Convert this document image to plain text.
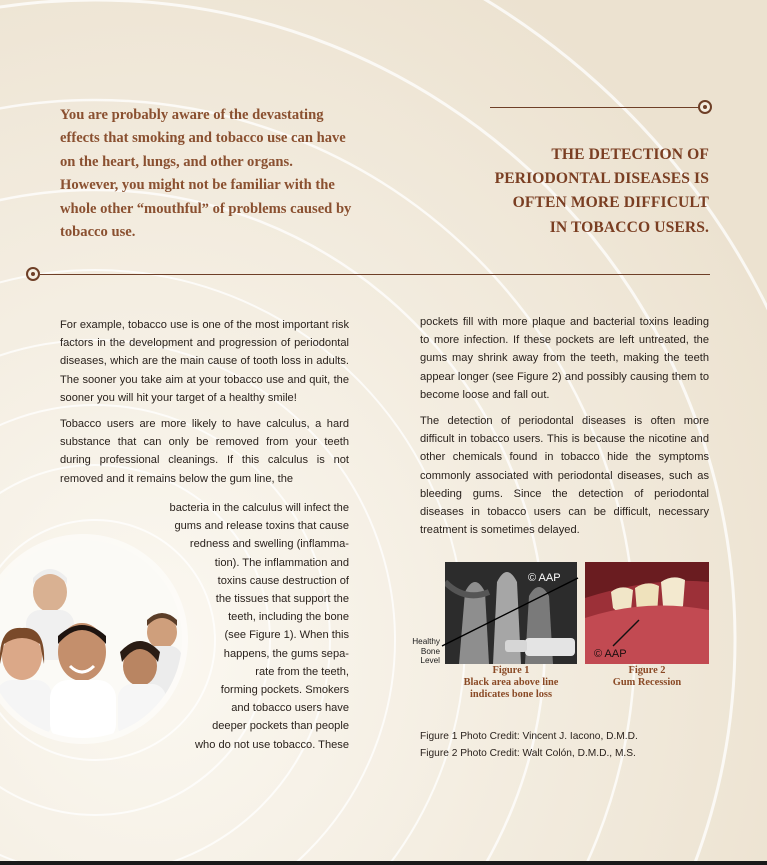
You are probably aware of the devastating effects that smoking and tobacco use can have on the heart, lungs, and other organs. However, you might not be familiar with the whole other “mouthful” of problems caused by tobacco use.

THE DETECTION OF
PERIODONTAL DISEASES IS
OFTEN MORE DIFFICULT
IN TOBACCO USERS.

For example, tobacco use is one of the most important risk factors in the development and progression of periodontal diseases, which are the main cause of tooth loss in adults. The sooner you take aim at your tobacco use and quit, the sooner you will hit your target of a healthy smile!

Tobacco users are more likely to have calculus, a hard substance that can only be removed from your teeth during professional cleanings. If this calculus is not removed and it remains below the gum line, the

bacteria in the calculus will infect the
gums and release toxins that cause
redness and swelling (inflamma-
tion). The inflammation and
toxins cause destruction of
the tissues that support the
teeth, including the bone
(see Figure 1). When this
happens, the gums sepa-
rate from the teeth,
forming pockets. Smokers
and tobacco users have
deeper pockets than people
who do not use tobacco. These

pockets fill with more plaque and bacterial toxins leading to more infection. If these pockets are left untreated, the gums may shrink away from the teeth, making the teeth appear longer (see Figure 2) and possibly causing them to become loose and fall out.

The detection of periodontal diseases is often more difficult in tobacco users. This is because the nicotine and other chemicals found in tobacco hide the symptoms commonly associated with periodontal diseases, such as bleeding gums. Since the detection of periodontal diseases in tobacco users can be difficult, necessary treatment is sometimes delayed.

© AAP
Healthy
Bone
Level
© AAP
Figure 1
Black area above line
indicates bone loss
Figure 2
Gum Recession
Figure 1 Photo Credit: Vincent J. Iacono, D.M.D.
Figure 2 Photo Credit: Walt Colón, D.M.D., M.S.
